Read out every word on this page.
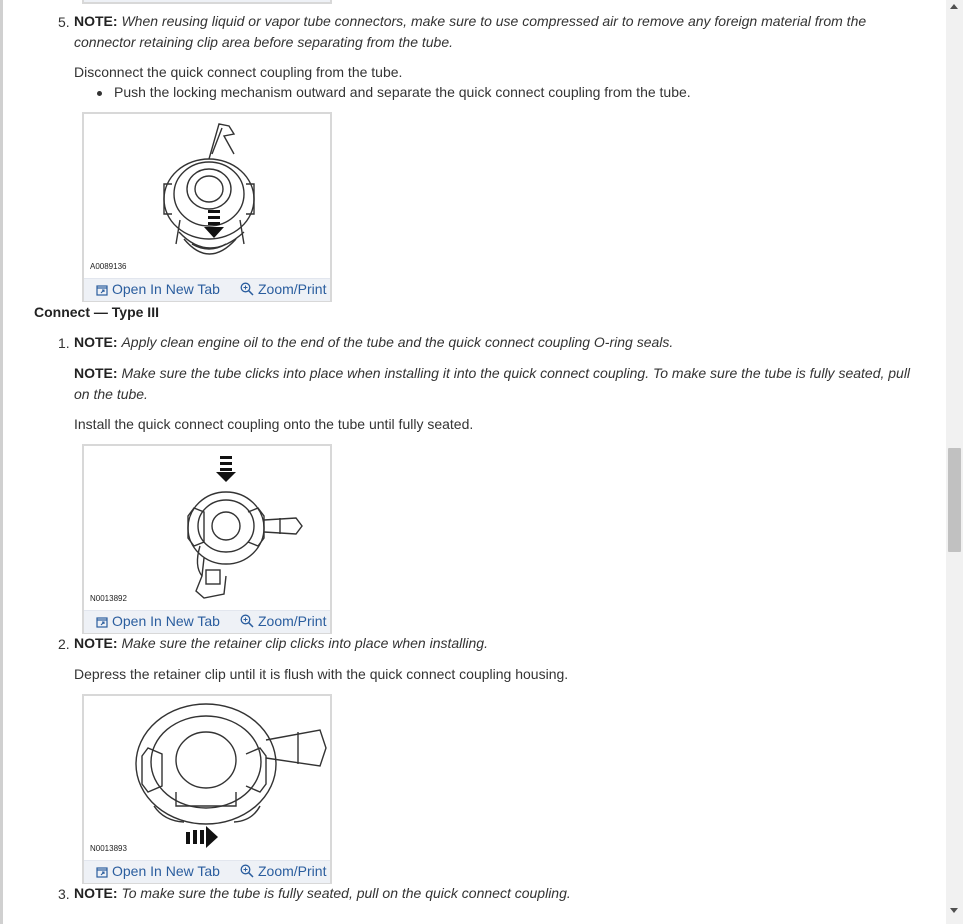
5. NOTE: When reusing liquid or vapor tube connectors, make sure to use compressed air to remove any foreign material from the
connector retaining clip area before separating from the tube.
Disconnect the quick connect coupling from the tube.
Push the locking mechanism outward and separate the quick connect coupling from the tube.
A0089136
Open In New Tab	Zoom/Print
Connect — Type III
1. NOTE: Apply clean engine oil to the end of the tube and the quick connect coupling O-ring seals.
NOTE: Make sure the tube clicks into place when installing it into the quick connect coupling. To make sure the tube is fully seated, pull
on the tube.
Install the quick connect coupling onto the tube until fully seated.
N0013892
Open In New Tab	Zoom/Print
2. NOTE: Make sure the retainer clip clicks into place when installing.
Depress the retainer clip until it is flush with the quick connect coupling housing.
N0013893
Open In New Tab	Zoom/Print
3. NOTE: To make sure the tube is fully seated, pull on the quick connect coupling.
